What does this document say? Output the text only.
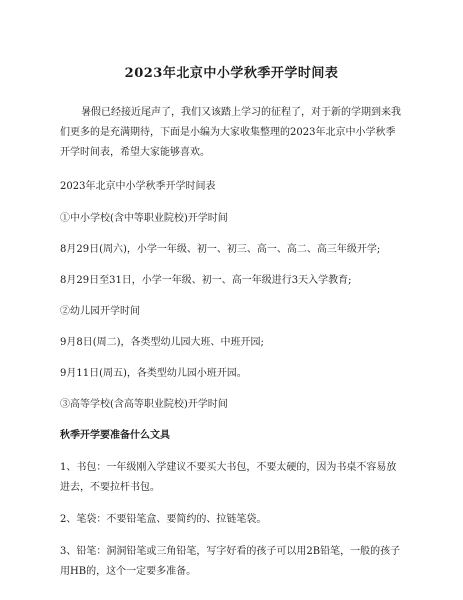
2023年北京中小学秋季开学时间表

暑假已经接近尾声了，我们又该踏上学习的征程了，对于新的学期到来我们更多的是充满期待，下面是小编为大家收集整理的2023年北京中小学秋季开学时间表，希望大家能够喜欢。

2023年北京中小学秋季开学时间表

①中小学校(含中等职业院校)开学时间

8月29日(周六)，小学一年级、初一、初三、高一、高二、高三年级开学;

8月29日至31日，小学一年级、初一、高一年级进行3天入学教育;

②幼儿园开学时间

9月8日(周二)，各类型幼儿园大班、中班开园;

9月11日(周五)，各类型幼儿园小班开园。

③高等学校(含高等职业院校)开学时间

秋季开学要准备什么文具

1、书包：一年级刚入学建议不要买大书包，不要太硬的，因为书桌不容易放进去，不要拉杆书包。

2、笔袋：不要铅笔盒、要简约的、拉链笔袋。

3、铅笔：洞洞铅笔或三角铅笔，写字好看的孩子可以用2B铅笔，一般的孩子用HB的，这个一定要多准备。
